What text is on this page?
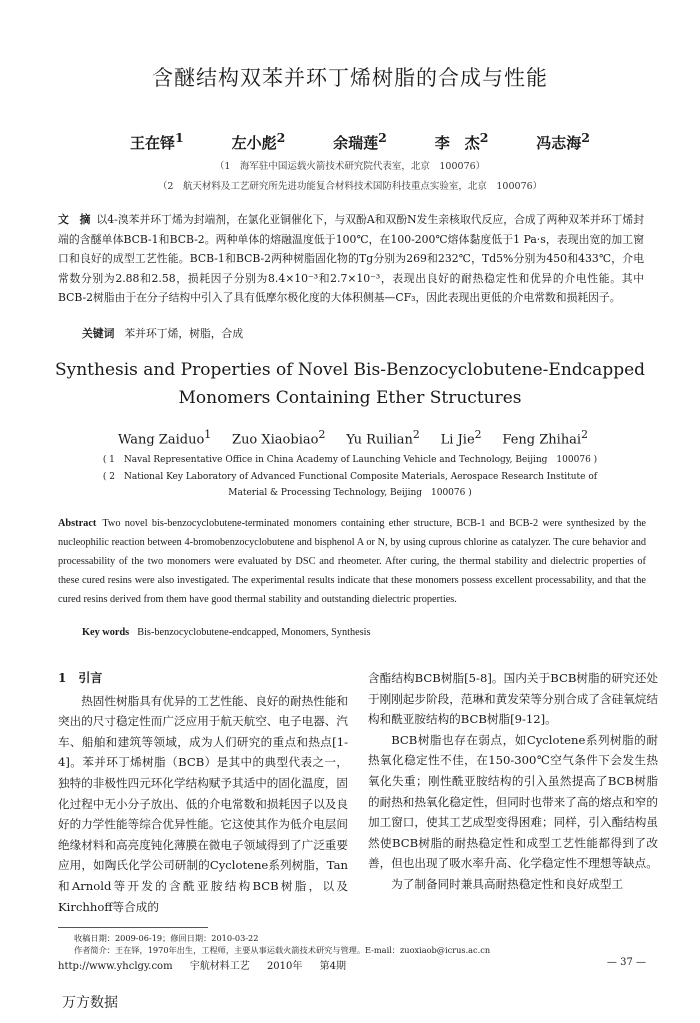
含醚结构双苯并环丁烯树脂的合成与性能
王在铎$^1$	左小彪$^2$	余瑞莲$^2$	李　杰$^2$	冯志海$^2$
（1　海军驻中国运载火箭技术研究院代表室，北京　100076）
（2　航天材料及工艺研究所先进功能复合材料技术国防科技重点实验室，北京　100076）
文　摘 以4-溴苯并环丁烯为封端剂，在氯化亚铜催化下，与双酚A和双酚N发生亲核取代反应，合成了两种双苯并环丁烯封端的含醚单体BCB-1和BCB-2。两种单体的熔融温度低于100℃，在100-200℃熔体黏度低于1 Pa·s，表现出宽的加工窗口和良好的成型工艺性能。BCB-1和BCB-2两种树脂固化物的Tg分别为269和232℃，Td5%分别为450和433℃，介电常数分别为2.88和2.58，损耗因子分别为8.4×10⁻³和2.7×10⁻³，表现出良好的耐热稳定性和优异的介电性能。其中BCB-2树脂由于在分子结构中引入了具有低摩尔极化度的大体积侧基—CF₃，因此表现出更低的介电常数和损耗因子。
关键词 苯并环丁烯，树脂，合成
Synthesis and Properties of Novel Bis-Benzocyclobutene-Endcapped
Monomers Containing Ether Structures
Wang Zaiduo$^1$ Zuo Xiaobiao$^2$ Yu Ruilian$^2$ Li Jie$^2$ Feng Zhihai$^2$
( 1　Naval Representative Office in China Academy of Launching Vehicle and Technology, Beijing　100076 )
( 2　National Key Laboratory of Advanced Functional Composite Materials, Aerospace Research Institute of
Material & Processing Technology, Beijing　100076 )
Abstract Two novel bis-benzocyclobutene-terminated monomers containing ether structure, BCB-1 and BCB-2 were synthesized by the nucleophilic reaction between 4-bromobenzocyclobutene and bisphenol A or N, by using cuprous chlorine as catalyzer. The cure behavior and processability of the two monomers were evaluated by DSC and rheometer. After curing, the thermal stability and dielectric properties of these cured resins were also investigated. The experimental results indicate that these monomers possess excellent processability, and that the cured resins derived from them have good thermal stability and outstanding dielectric properties.
Key words Bis-benzocyclobutene-endcapped, Monomers, Synthesis
1　引言

热固性树脂具有优异的工艺性能、良好的耐热性能和突出的尺寸稳定性而广泛应用于航天航空、电子电器、汽车、船舶和建筑等领域，成为人们研究的重点和热点[1-4]。苯并环丁烯树脂（BCB）是其中的典型代表之一，独特的非极性四元环化学结构赋予其适中的固化温度，固化过程中无小分子放出、低的介电常数和损耗因子以及良好的力学性能等综合优异性能。它这使其作为低介电层间绝缘材料和高亮度钝化薄膜在微电子领域得到了广泛重要应用，如陶氏化学公司研制的Cyclotene系列树脂，Tan和Arnold等开发的含酰亚胺结构BCB树脂，以及Kirchhoff等合成的

含酯结构BCB树脂[5-8]。国内关于BCB树脂的研究还处于刚刚起步阶段，范琳和黄发荣等分别合成了含硅氧烷结构和酰亚胺结构的BCB树脂[9-12]。

BCB树脂也存在弱点，如Cyclotene系列树脂的耐热氧化稳定性不佳，在150-300℃空气条件下会发生热氧化失重；刚性酰亚胺结构的引入虽然提高了BCB树脂的耐热和热氧化稳定性，但同时也带来了高的熔点和窄的加工窗口，使其工艺成型变得困难；同样，引入酯结构虽然使BCB树脂的耐热稳定性和成型工艺性能都得到了改善，但也出现了吸水率升高、化学稳定性不理想等缺点。

为了制备同时兼具高耐热稳定性和良好成型工

收稿日期：2009-06-19；修回日期：2010-03-22
作者简介：王在铎，1970年出生，工程师，主要从事运载火箭技术研究与管理。E-mail：zuoxiaob@icrus.ac.cn
http://www.yhclgy.com 宇航材料工艺 2010年 第4期	— 37 —
万方数据
